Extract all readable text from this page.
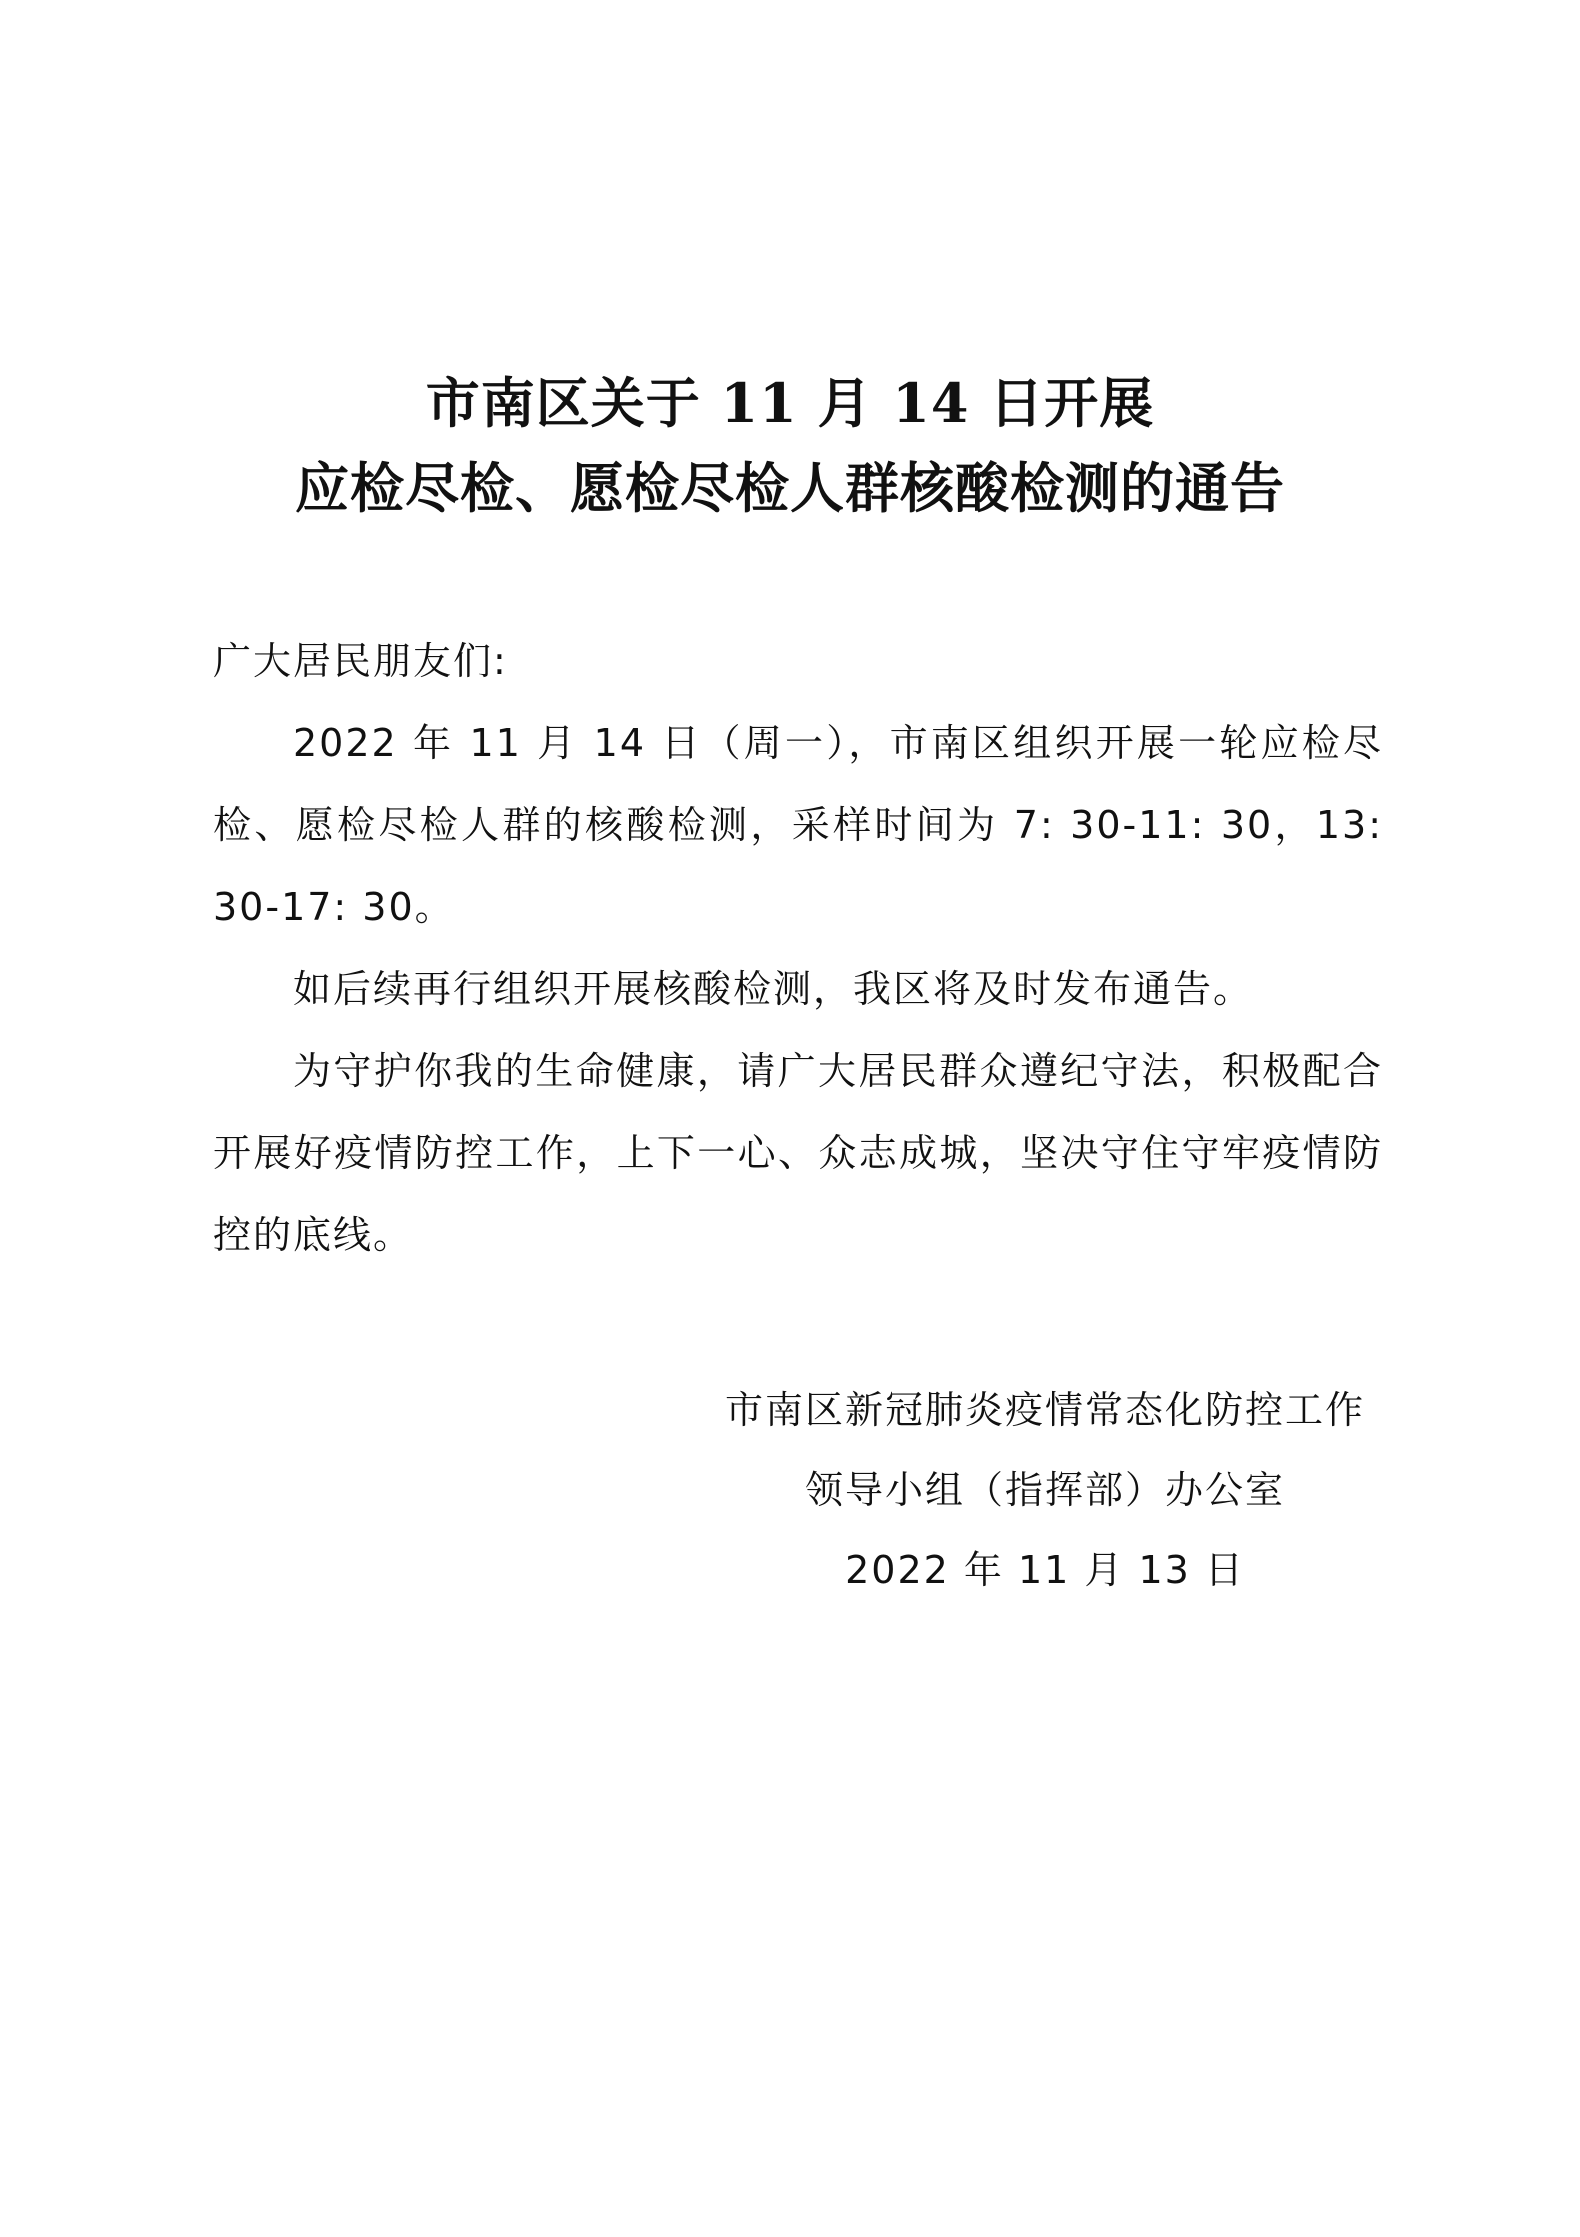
市南区关于 11 月 14 日开展
应检尽检、愿检尽检人群核酸检测的通告
广大居民朋友们:
2022 年 11 月 14 日（周一），市南区组织开展一轮应检尽检、愿检尽检人群的核酸检测，采样时间为 7: 30-11: 30，13: 30-17: 30。
如后续再行组织开展核酸检测，我区将及时发布通告。
为守护你我的生命健康，请广大居民群众遵纪守法，积极配合开展好疫情防控工作，上下一心、众志成城，坚决守住守牢疫情防控的底线。
市南区新冠肺炎疫情常态化防控工作
领导小组（指挥部）办公室
2022 年 11 月 13 日
